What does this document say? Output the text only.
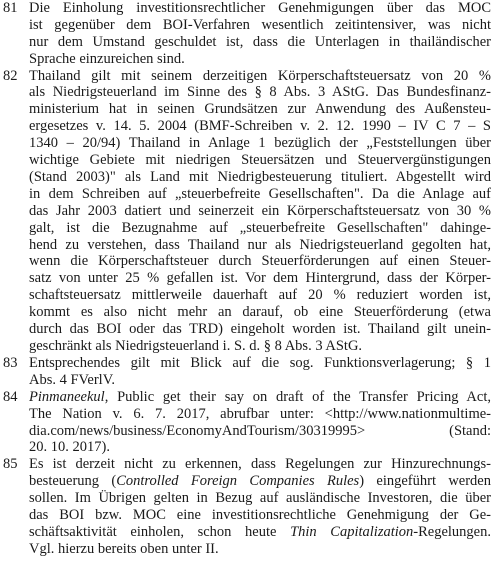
81 Die Einholung investitionsrechtlicher Genehmigungen über das MOC
ist gegenüber dem BOI-Verfahren wesentlich zeitintensiver, was nicht
nur dem Umstand geschuldet ist, dass die Unterlagen in thailändischer
Sprache einzureichen sind.
82 Thailand gilt mit seinem derzeitigen Körperschaftsteuersatz von 20 %
als Niedrigsteuerland im Sinne des § 8 Abs. 3 AStG. Das Bundesfinanz-
ministerium hat in seinen Grundsätzen zur Anwendung des Außensteu-
ergesetzes v. 14. 5. 2004 (BMF-Schreiben v. 2. 12. 1990 – IV C 7 – S
1340 – 20/94) Thailand in Anlage 1 bezüglich der „Feststellungen über
wichtige Gebiete mit niedrigen Steuersätzen und Steuervergünstigungen
(Stand 2003)" als Land mit Niedrigbesteuerung tituliert. Abgestellt wird
in dem Schreiben auf „steuerbefreite Gesellschaften". Da die Anlage auf
das Jahr 2003 datiert und seinerzeit ein Körperschaftsteuersatz von 30 %
galt, ist die Bezugnahme auf „steuerbefreite Gesellschaften" dahinge-
hend zu verstehen, dass Thailand nur als Niedrigsteuerland gegolten hat,
wenn die Körperschaftsteuer durch Steuerförderungen auf einen Steuer-
satz von unter 25 % gefallen ist. Vor dem Hintergrund, dass der Körper-
schaftsteuersatz mittlerweile dauerhaft auf 20 % reduziert worden ist,
kommt es also nicht mehr an darauf, ob eine Steuerförderung (etwa
durch das BOI oder das TRD) eingeholt worden ist. Thailand gilt unein-
geschränkt als Niedrigsteuerland i. S. d. § 8 Abs. 3 AStG.
83 Entsprechendes gilt mit Blick auf die sog. Funktionsverlagerung; § 1
Abs. 4 FVerlV.
84 Pinmaneekul, Public get their say on draft of the Transfer Pricing Act,
The Nation v. 6. 7. 2017, abrufbar unter: <http://www.nationmultime-
dia.com/news/business/EconomyAndTourism/30319995> (Stand:
20. 10. 2017).
85 Es ist derzeit nicht zu erkennen, dass Regelungen zur Hinzurechnungs-
besteuerung (Controlled Foreign Companies Rules) eingeführt werden
sollen. Im Übrigen gelten in Bezug auf ausländische Investoren, die über
das BOI bzw. MOC eine investitionsrechtliche Genehmigung der Ge-
schäftsaktivität einholen, schon heute Thin Capitalization-Regelungen.
Vgl. hierzu bereits oben unter II.
